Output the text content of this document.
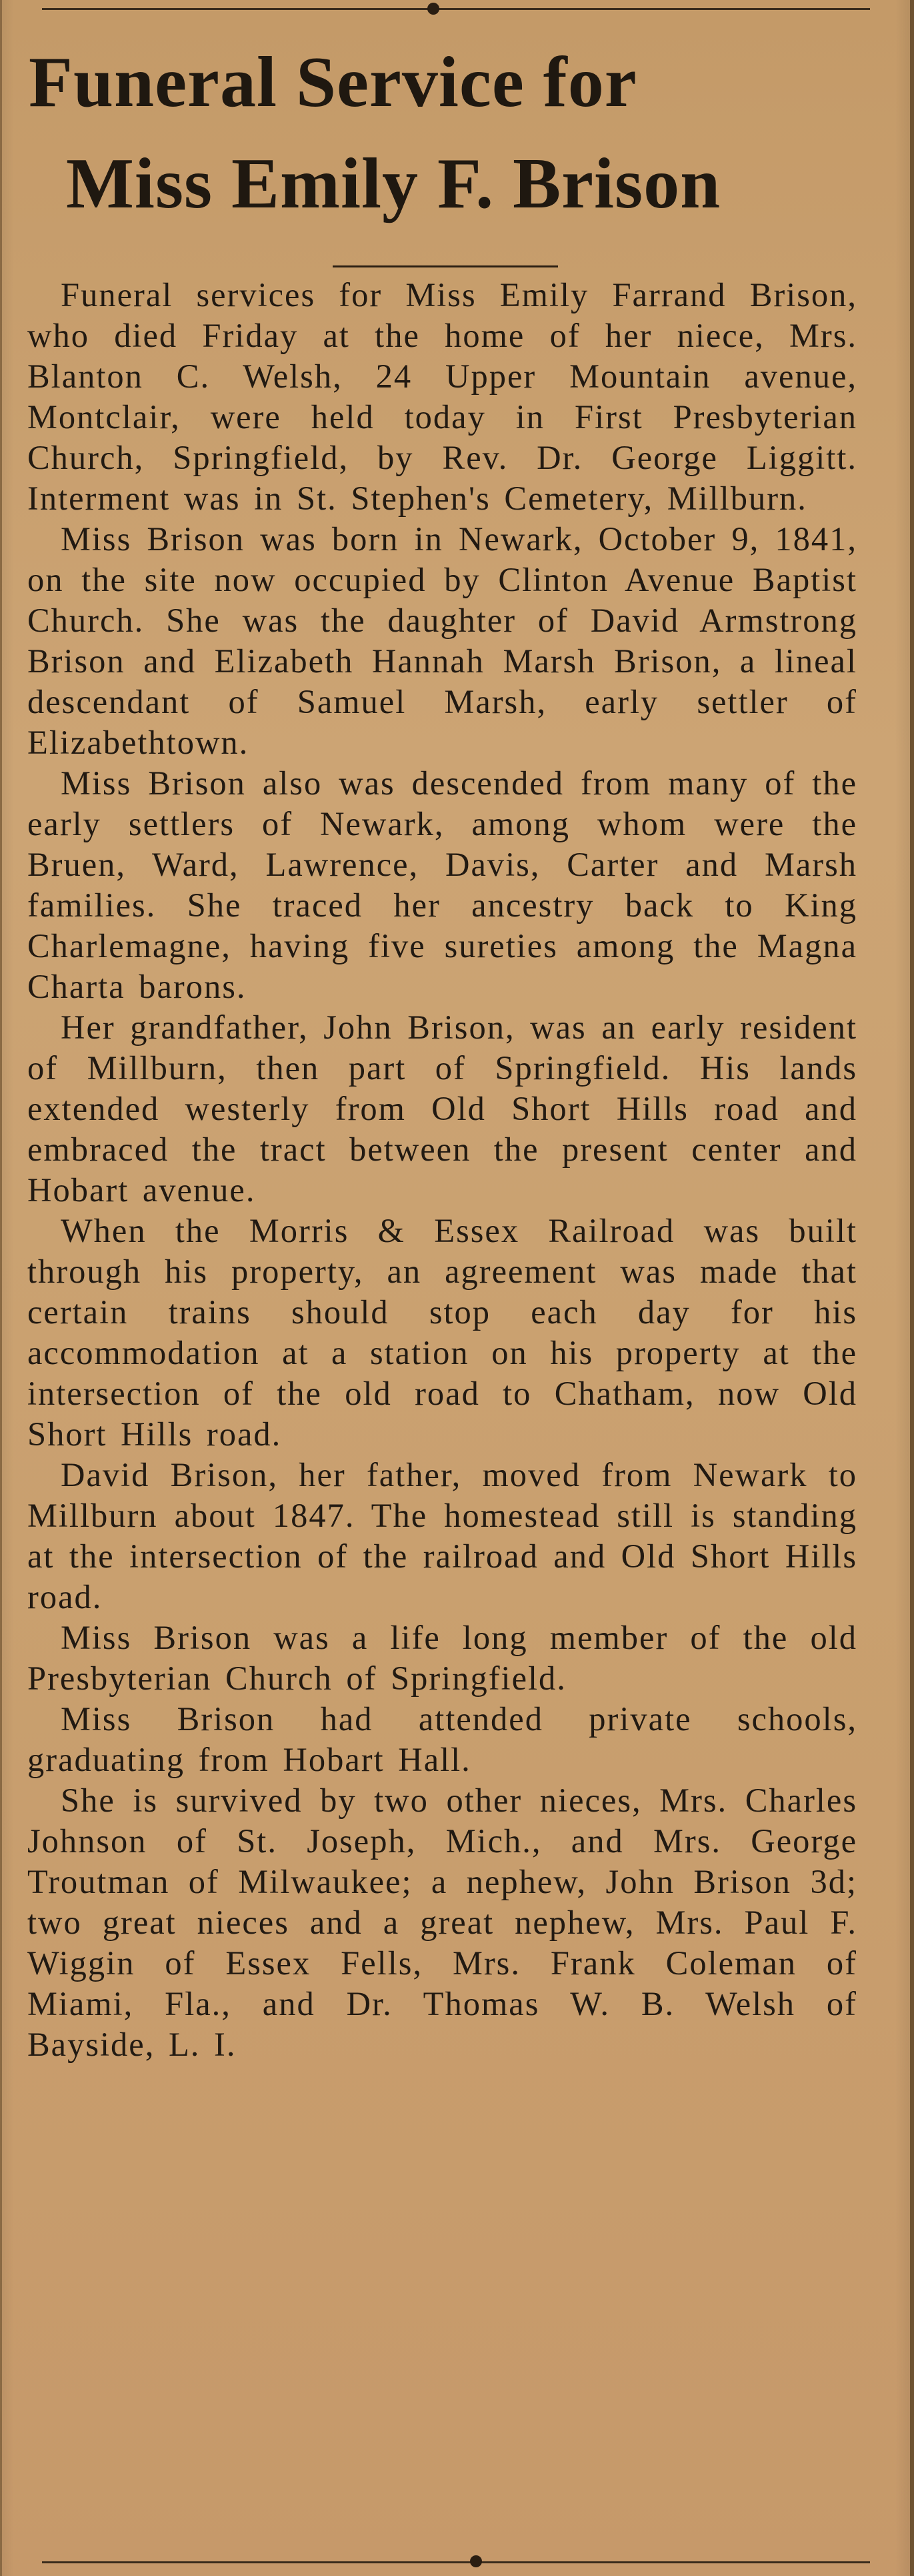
Funeral Service for
Miss Emily F. Brison

Funeral services for Miss Emily Farrand Brison, who died Friday at the home of her niece, Mrs. Blanton C. Welsh, 24 Upper Mountain avenue, Montclair, were held today in First Presbyterian Church, Springfield, by Rev. Dr. George Liggitt. Interment was in St. Stephen's Cemetery, Millburn.

Miss Brison was born in Newark, October 9, 1841, on the site now occupied by Clinton Avenue Baptist Church. She was the daughter of David Armstrong Brison and Elizabeth Hannah Marsh Brison, a lineal descendant of Samuel Marsh, early settler of Elizabethtown.

Miss Brison also was descended from many of the early settlers of Newark, among whom were the Bruen, Ward, Lawrence, Davis, Carter and Marsh families. She traced her ancestry back to King Charlemagne, having five sureties among the Magna Charta barons.

Her grandfather, John Brison, was an early resident of Millburn, then part of Springfield. His lands extended westerly from Old Short Hills road and embraced the tract between the present center and Hobart avenue.

When the Morris & Essex Railroad was built through his property, an agreement was made that certain trains should stop each day for his accommodation at a station on his property at the intersection of the old road to Chatham, now Old Short Hills road.

David Brison, her father, moved from Newark to Millburn about 1847. The homestead still is standing at the intersection of the railroad and Old Short Hills road.

Miss Brison was a life long member of the old Presbyterian Church of Springfield.

Miss Brison had attended private schools, graduating from Hobart Hall.

She is survived by two other nieces, Mrs. Charles Johnson of St. Joseph, Mich., and Mrs. George Troutman of Milwaukee; a nephew, John Brison 3d; two great nieces and a great nephew, Mrs. Paul F. Wiggin of Essex Fells, Mrs. Frank Coleman of Miami, Fla., and Dr. Thomas W. B. Welsh of Bayside, L. I.
